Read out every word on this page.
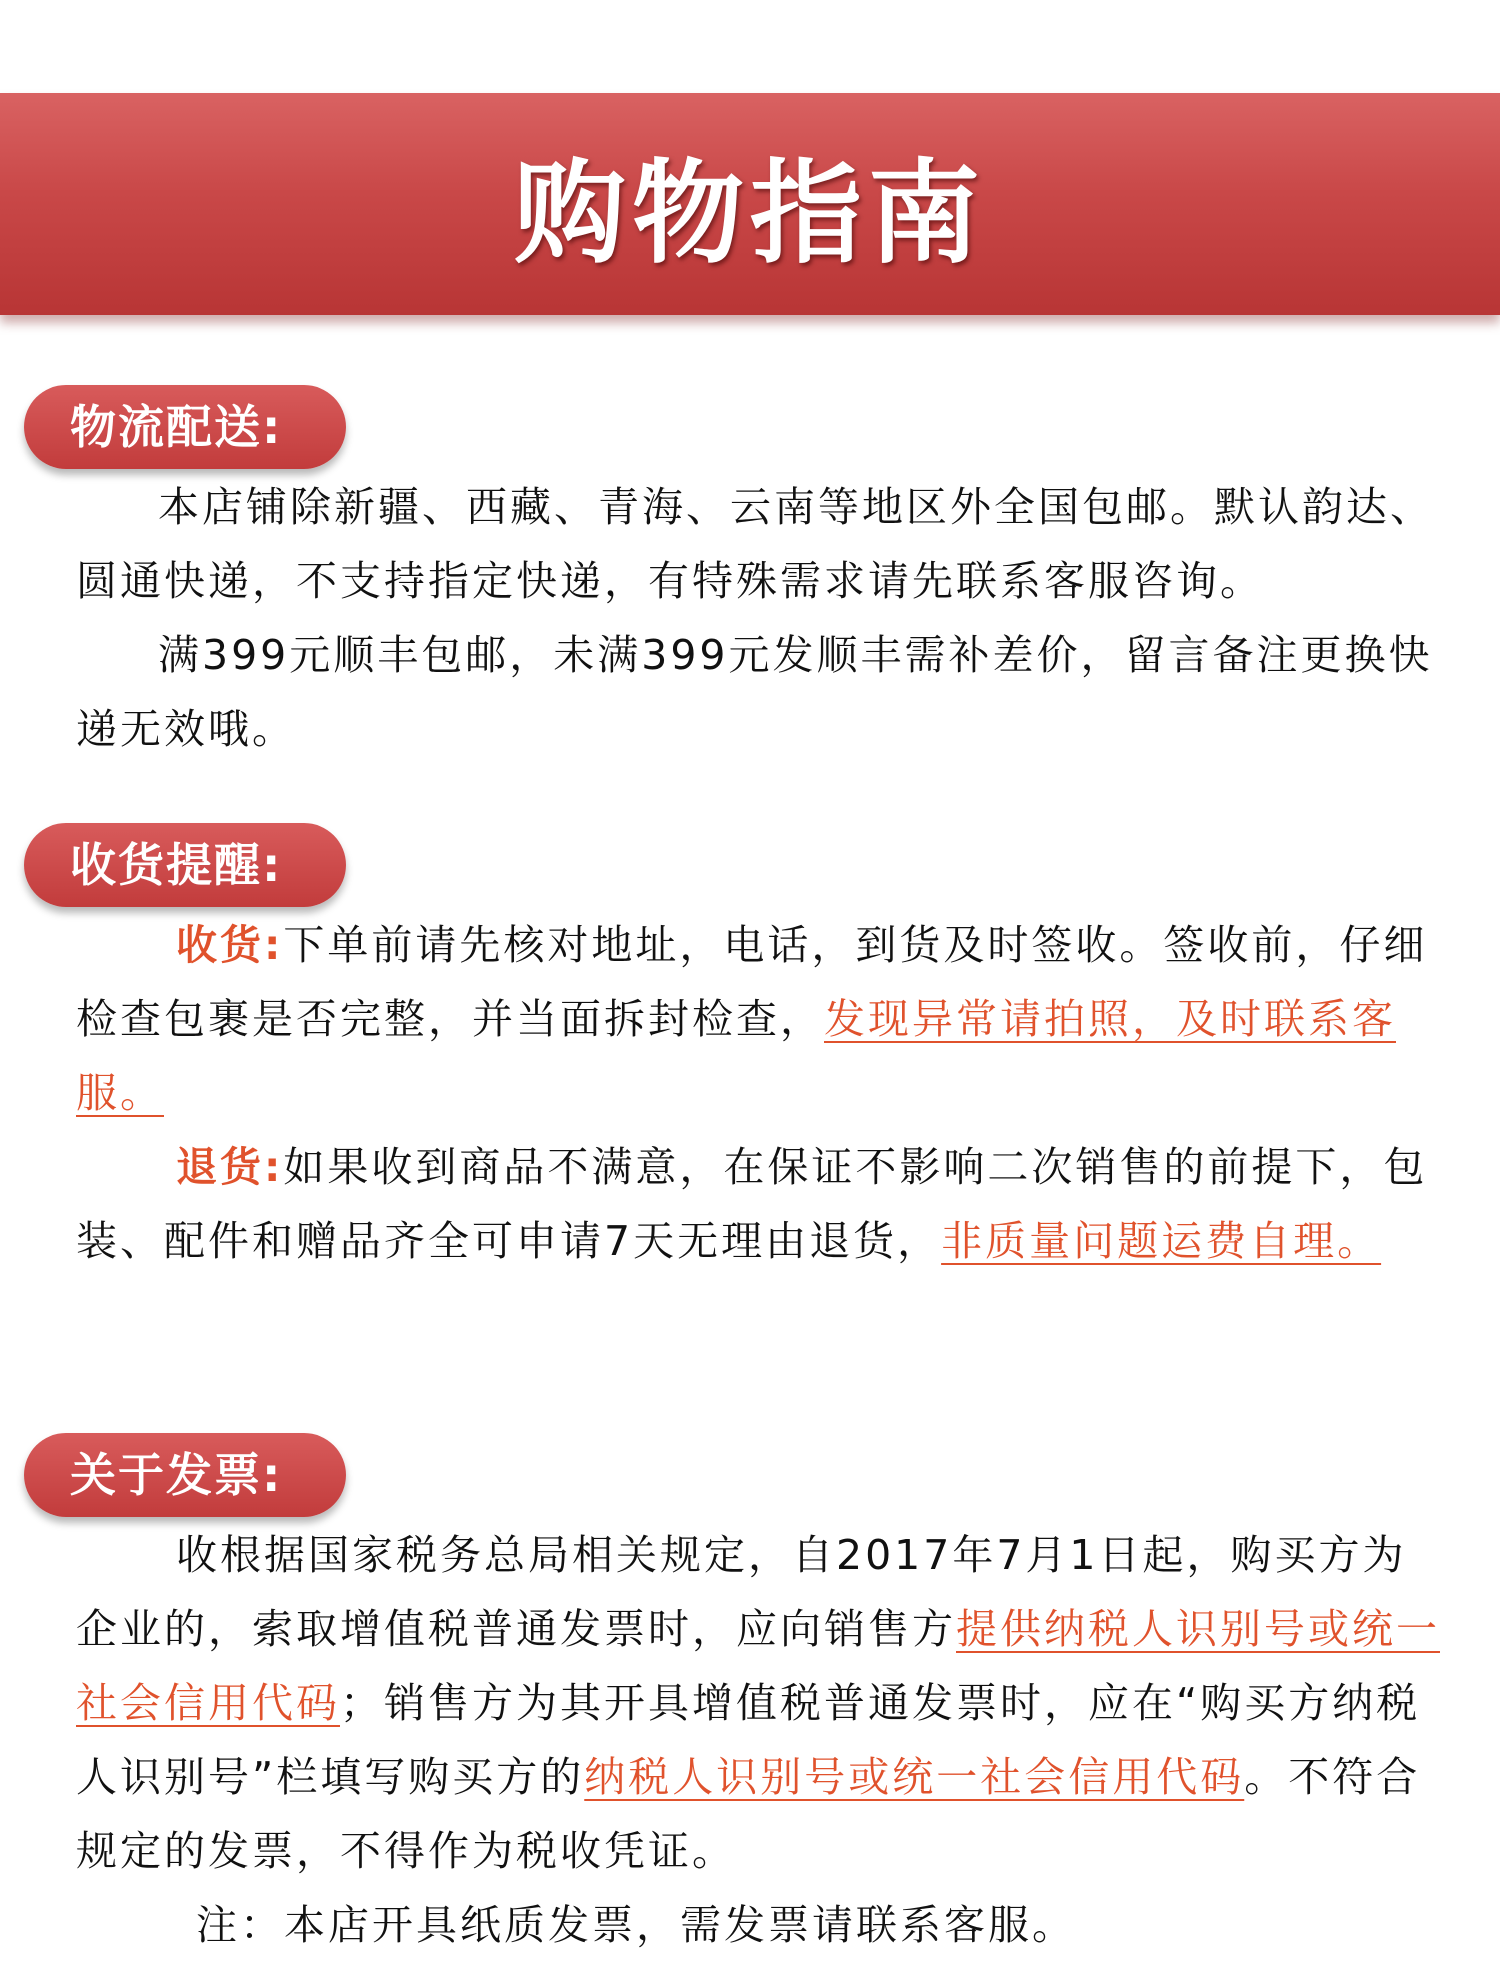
购物指南
物流配送:
本店铺除新疆、西藏、青海、云南等地区外全国包邮。默认韵达、圆通快递，不支持指定快递，有特殊需求请先联系客服咨询。
满399元顺丰包邮，未满399元发顺丰需补差价，留言备注更换快递无效哦。
收货提醒:
收货:下单前请先核对地址，电话，到货及时签收。签收前，仔细检查包裹是否完整，并当面拆封检查，发现异常请拍照，及时联系客服。
退货:如果收到商品不满意，在保证不影响二次销售的前提下，包装、配件和赠品齐全可申请7天无理由退货，非质量问题运费自理。
关于发票:
收根据国家税务总局相关规定，自2017年7月1日起，购买方为企业的，索取增值税普通发票时，应向销售方提供纳税人识别号或统一社会信用代码；销售方为其开具增值税普通发票时，应在“购买方纳税人识别号”栏填写购买方的纳税人识别号或统一社会信用代码。不符合规定的发票，不得作为税收凭证。
注：本店开具纸质发票，需发票请联系客服。
